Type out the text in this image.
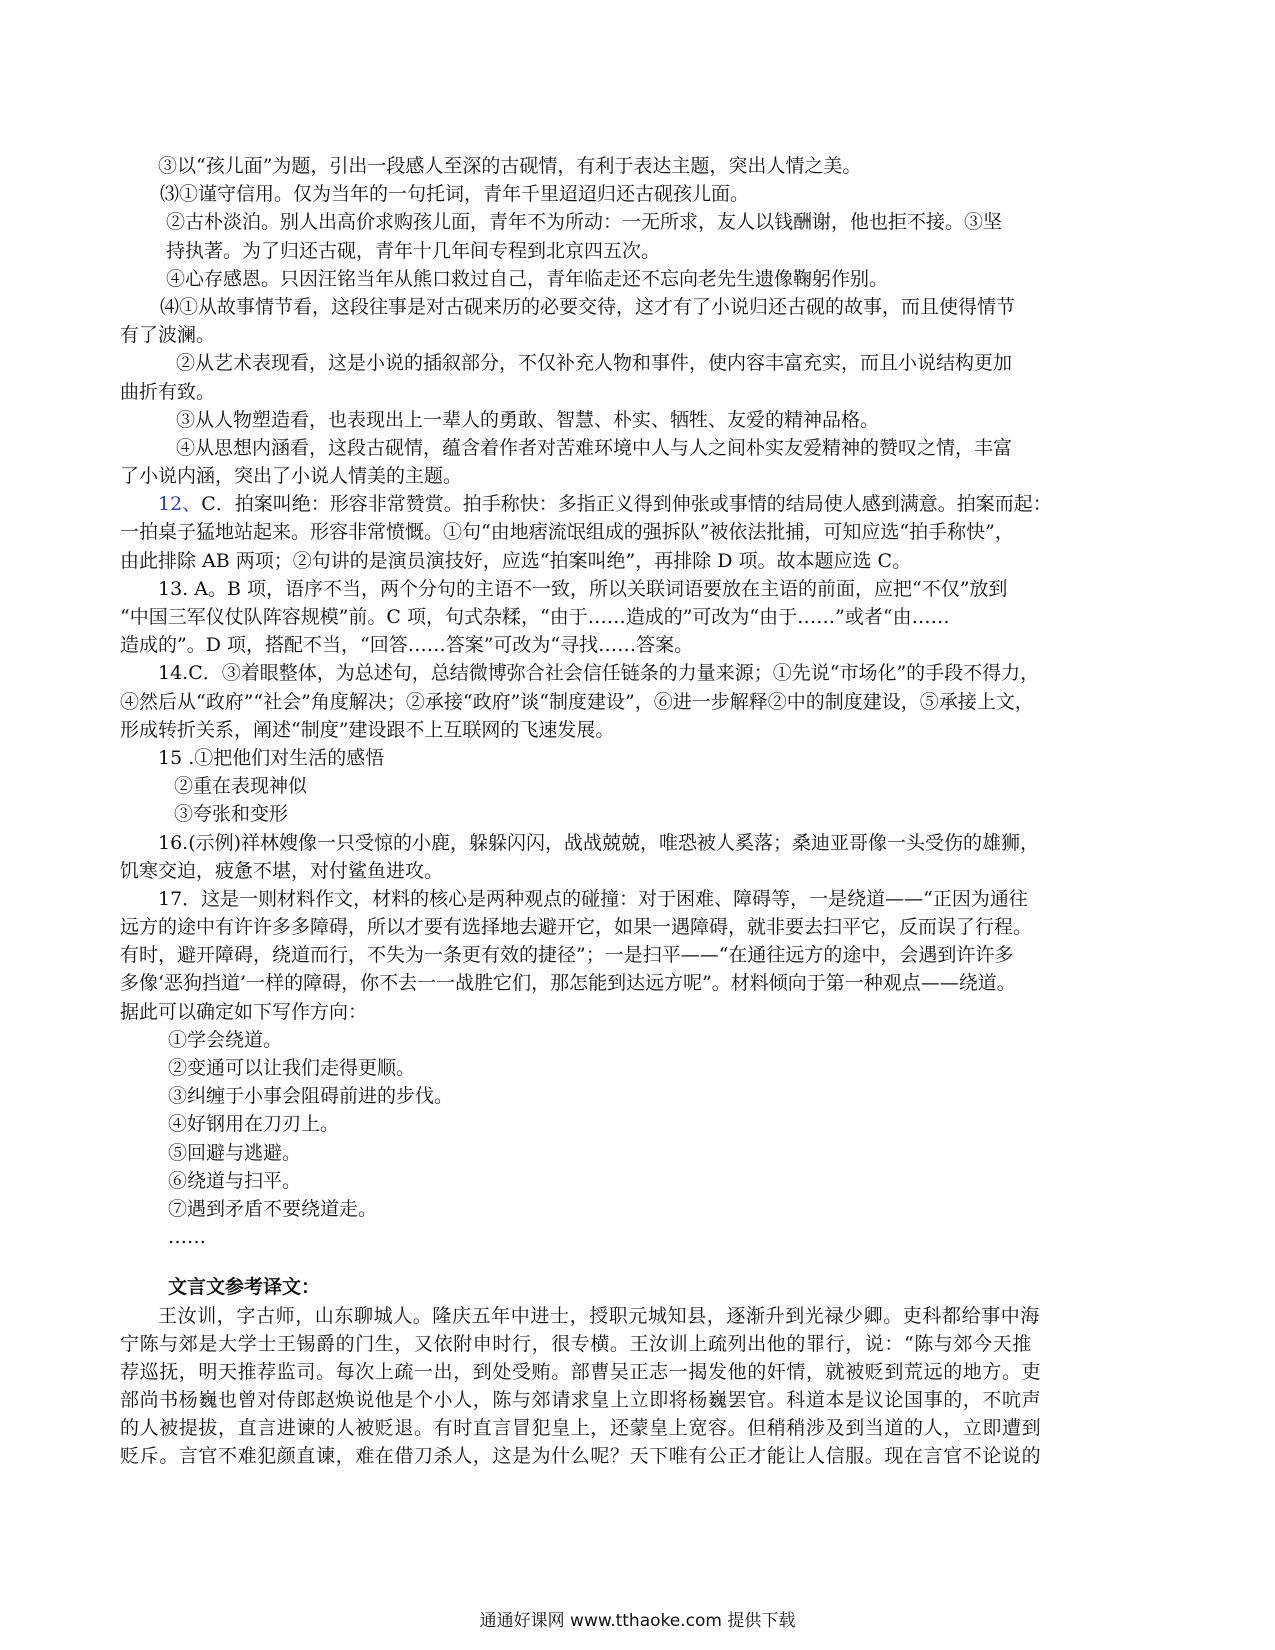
③以“孩儿面”为题，引出一段感人至深的古砚情，有利于表达主题，突出人情之美。
⑶①谨守信用。仅为当年的一句托词，青年千里迢迢归还古砚孩儿面。
②古朴淡泊。别人出高价求购孩儿面，青年不为所动：一无所求，友人以钱酬谢，他也拒不接。③坚
持执著。为了归还古砚，青年十几年间专程到北京四五次。
④心存感恩。只因汪铭当年从熊口救过自己，青年临走还不忘向老先生遗像鞠躬作别。
⑷①从故事情节看，这段往事是对古砚来历的必要交待，这才有了小说归还古砚的故事，而且使得情节
有了波澜。
②从艺术表现看，这是小说的插叙部分，不仅补充人物和事件，使内容丰富充实，而且小说结构更加
曲折有致。
③从人物塑造看，也表现出上一辈人的勇敢、智慧、朴实、牺牲、友爱的精神品格。
④从思想内涵看，这段古砚情，蕴含着作者对苦难环境中人与人之间朴实友爱精神的赞叹之情，丰富
了小说内涵，突出了小说人情美的主题。
12、C．拍案叫绝：形容非常赞赏。拍手称快：多指正义得到伸张或事情的结局使人感到满意。拍案而起：
一拍桌子猛地站起来。形容非常愤慨。①句“由地痞流氓组成的强拆队”被依法批捕，可知应选“拍手称快”，
由此排除 AB 两项；②句讲的是演员演技好，应选“拍案叫绝”，再排除 D 项。故本题应选 C。
13. A。B 项，语序不当，两个分句的主语不一致，所以关联词语要放在主语的前面，应把“不仅”放到
“中国三军仪仗队阵容规模”前。C 项，句式杂糅，“由于……造成的”可改为“由于……”或者“由……
造成的”。D 项，搭配不当，“回答……答案”可改为“寻找……答案。
14.C．③着眼整体，为总述句，总结微博弥合社会信任链条的力量来源；①先说“市场化”的手段不得力，
④然后从“政府”“社会”角度解决；②承接“政府”谈“制度建设”，⑥进一步解释②中的制度建设，⑤承接上文，
形成转折关系，阐述“制度”建设跟不上互联网的飞速发展。
15 .①把他们对生活的感悟
②重在表现神似
③夸张和变形
16.(示例)祥林嫂像一只受惊的小鹿，躲躲闪闪，战战兢兢，唯恐被人奚落；桑迪亚哥像一头受伤的雄狮，
饥寒交迫，疲惫不堪，对付鲨鱼进攻。
17．这是一则材料作文，材料的核心是两种观点的碰撞：对于困难、障碍等，一是绕道——“正因为通往
远方的途中有许许多多障碍，所以才要有选择地去避开它，如果一遇障碍，就非要去扫平它，反而误了行程。
有时，避开障碍，绕道而行，不失为一条更有效的捷径”；一是扫平——“在通往远方的途中，会遇到许许多
多像‘恶狗挡道’一样的障碍，你不去一一战胜它们，那怎能到达远方呢”。材料倾向于第一种观点——绕道。
据此可以确定如下写作方向：
①学会绕道。
②变通可以让我们走得更顺。
③纠缠于小事会阻碍前进的步伐。
④好钢用在刀刃上。
⑤回避与逃避。
⑥绕道与扫平。
⑦遇到矛盾不要绕道走。
……
文言文参考译文：
王汝训，字古师，山东聊城人。隆庆五年中进士，授职元城知县，逐渐升到光禄少卿。吏科都给事中海
宁陈与郊是大学士王锡爵的门生，又依附申时行，很专横。王汝训上疏列出他的罪行，说：“陈与郊今天推
荐巡抚，明天推荐监司。每次上疏一出，到处受贿。部曹吴正志一揭发他的奸情，就被贬到荒远的地方。吏
部尚书杨巍也曾对侍郎赵焕说他是个小人，陈与郊请求皇上立即将杨巍罢官。科道本是议论国事的，不吭声
的人被提拔，直言进谏的人被贬退。有时直言冒犯皇上，还蒙皇上宽容。但稍稍涉及到当道的人，立即遭到
贬斥。言官不难犯颜直谏，难在借刀杀人，这是为什么呢？天下唯有公正才能让人信服。现在言官不论说的
通通好课网 www.tthaoke.com 提供下载
